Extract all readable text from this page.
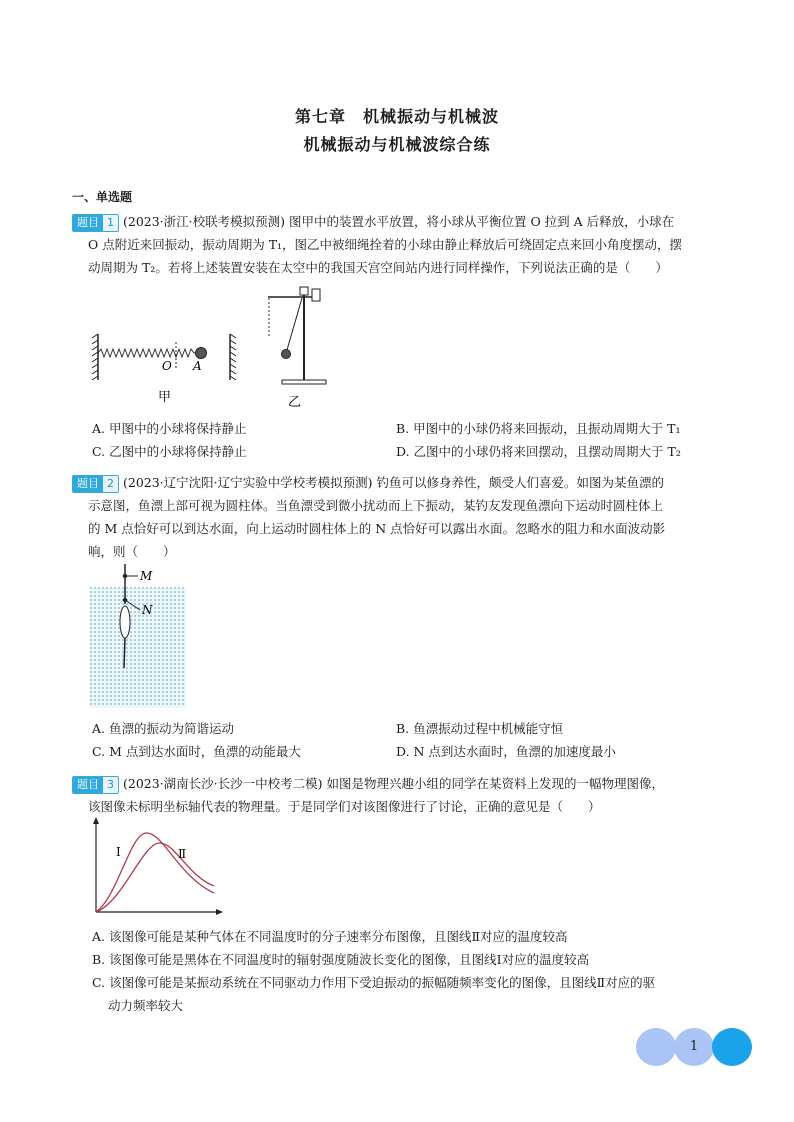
第七章　机械振动与机械波
机械振动与机械波综合练
一、单选题
题目 1 (2023·浙江·校联考模拟预测) 图甲中的装置水平放置，将小球从平衡位置 O 拉到 A 后释放，小球在
O 点附近来回振动，振动周期为 T₁，图乙中被细绳拴着的小球由静止释放后可绕固定点来回小角度摆动，摆
动周期为 T₂。若将上述装置安装在太空中的我国天宫空间站内进行同样操作，下列说法正确的是（　　）
O A
甲	乙
A. 甲图中的小球将保持静止	B. 甲图中的小球仍将来回振动，且振动周期大于 T₁
C. 乙图中的小球将保持静止	D. 乙图中的小球仍将来回摆动，且摆动周期大于 T₂
题目 2 (2023·辽宁沈阳·辽宁实验中学校考模拟预测) 钓鱼可以修身养性，颇受人们喜爱。如图为某鱼漂的
示意图，鱼漂上部可视为圆柱体。当鱼漂受到微小扰动而上下振动，某钓友发现鱼漂向下运动时圆柱体上
的 M 点恰好可以到达水面，向上运动时圆柱体上的 N 点恰好可以露出水面。忽略水的阻力和水面波动影
响，则（　　）
M
N
A. 鱼漂的振动为简谐运动	B. 鱼漂振动过程中机械能守恒
C. M 点到达水面时，鱼漂的动能最大	D. N 点到达水面时，鱼漂的加速度最小
题目 3 (2023·湖南长沙·长沙一中校考二模) 如图是物理兴趣小组的同学在某资料上发现的一幅物理图像，
该图像未标明坐标轴代表的物理量。于是同学们对该图像进行了讨论，正确的意见是（　　）
Ⅰ	Ⅱ
A. 该图像可能是某种气体在不同温度时的分子速率分布图像，且图线Ⅱ对应的温度较高
B. 该图像可能是黑体在不同温度时的辐射强度随波长变化的图像，且图线Ⅰ对应的温度较高
C. 该图像可能是某振动系统在不同驱动力作用下受迫振动的振幅随频率变化的图像，且图线Ⅱ对应的驱
动力频率较大
1
